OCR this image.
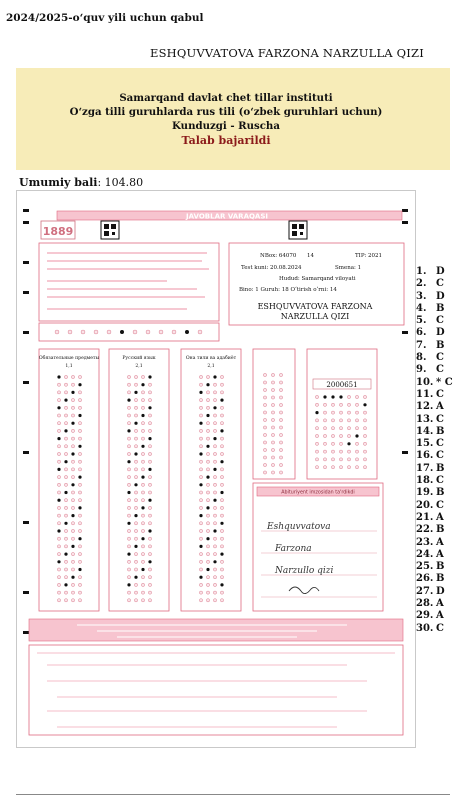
2024/2025-o‘quv yili uchun qabul
ESHQUVVATOVA FARZONA NARZULLA QIZI
Samarqand davlat chet tillar instituti
O‘zga tilli guruhlarda rus tili (o‘zbek guruhlari uchun)
Kunduzgi - Ruscha
Talab bajarildi
Umumiy bali: 104.80
JAVOBLAR VARAQASI
1889
NBox: 64070 14	TIP: 2021
Test kuni: 20.08.2024	Smena: 1
Hudud: Samarqand viloyati
Bino: 1 Guruh: 18 O‘tirish o‘rni: 14
ESHQUVVATOVA FARZONA
NARZULLA QIZI
Обязательные предметы
1,1
Русский язык
2,1
Она тили ва адабиёт
2,1
2000651
Abituriyent imzosidan ta'rdikdi
Eshquvvatova
Farzona
Narzullo qizi
1. D
2. C
3. D
4. B
5. C
6. D
7. B
8. C
9. C
10. * C
11. C
12. A
13. C
14. B
15. C
16. C
17. B
18. C
19. B
20. C
21. A
22. B
23. A
24. A
25. B
26. B
27. D
28. A
29. A
30. C
